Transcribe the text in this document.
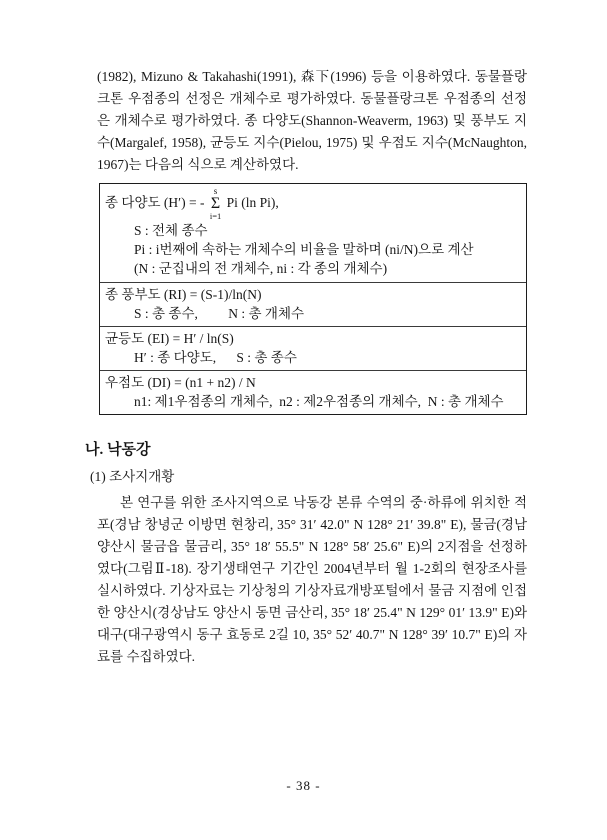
(1982), Mizuno & Takahashi(1991), 森下(1996) 등을 이용하였다. 동물플랑크톤 우점종의 선정은 개체수로 평가하였다. 동물플랑크톤 우점종의 선정은 개체수로 평가하였다. 종 다양도(Shannon-Weaverm, 1963) 및 풍부도 지수(Margalef, 1958), 균등도 지수(Pielou, 1975) 및 우점도 지수(McNaughton, 1967)는 다음의 식으로 계산하였다.

종 다양도 (H′) = -
s
Σ
i=1
Pi (ln Pi),
S : 전체 종수
Pi : i번째에 속하는 개체수의 비율을 말하며 (ni/N)으로 계산
(N : 군집내의 전 개체수, ni : 각 종의 개체수)
종 풍부도 (RI) = (S-1)/ln(N)
S : 총 종수,         N : 총 개체수
균등도 (EI) = H′ / ln(S)
H′ : 종 다양도,      S : 총 종수
우점도 (DI) = (n1 + n2) / N
n1: 제1우점종의 개체수,  n2 : 제2우점종의 개체수,  N : 총 개체수
나. 낙동강
(1) 조사지개황

본 연구를 위한 조사지역으로 낙동강 본류 수역의 중·하류에 위치한 적포(경남 창녕군 이방면 현창리, 35° 31′ 42.0" N 128° 21′ 39.8" E), 물금(경남 양산시 물금읍 물금리, 35° 18′ 55.5" N 128° 58′ 25.6" E)의 2지점을 선정하였다(그림Ⅱ-18). 장기생태연구 기간인 2004년부터 월 1-2회의 현장조사를 실시하였다. 기상자료는 기상청의 기상자료개방포털에서 물금 지점에 인접한 양산시(경상남도 양산시 동면 금산리, 35° 18′ 25.4" N 129° 01′ 13.9" E)와 대구(대구광역시 동구 효동로 2길 10, 35° 52′ 40.7" N 128° 39′ 10.7" E)의 자료를 수집하였다.

- 38 -
